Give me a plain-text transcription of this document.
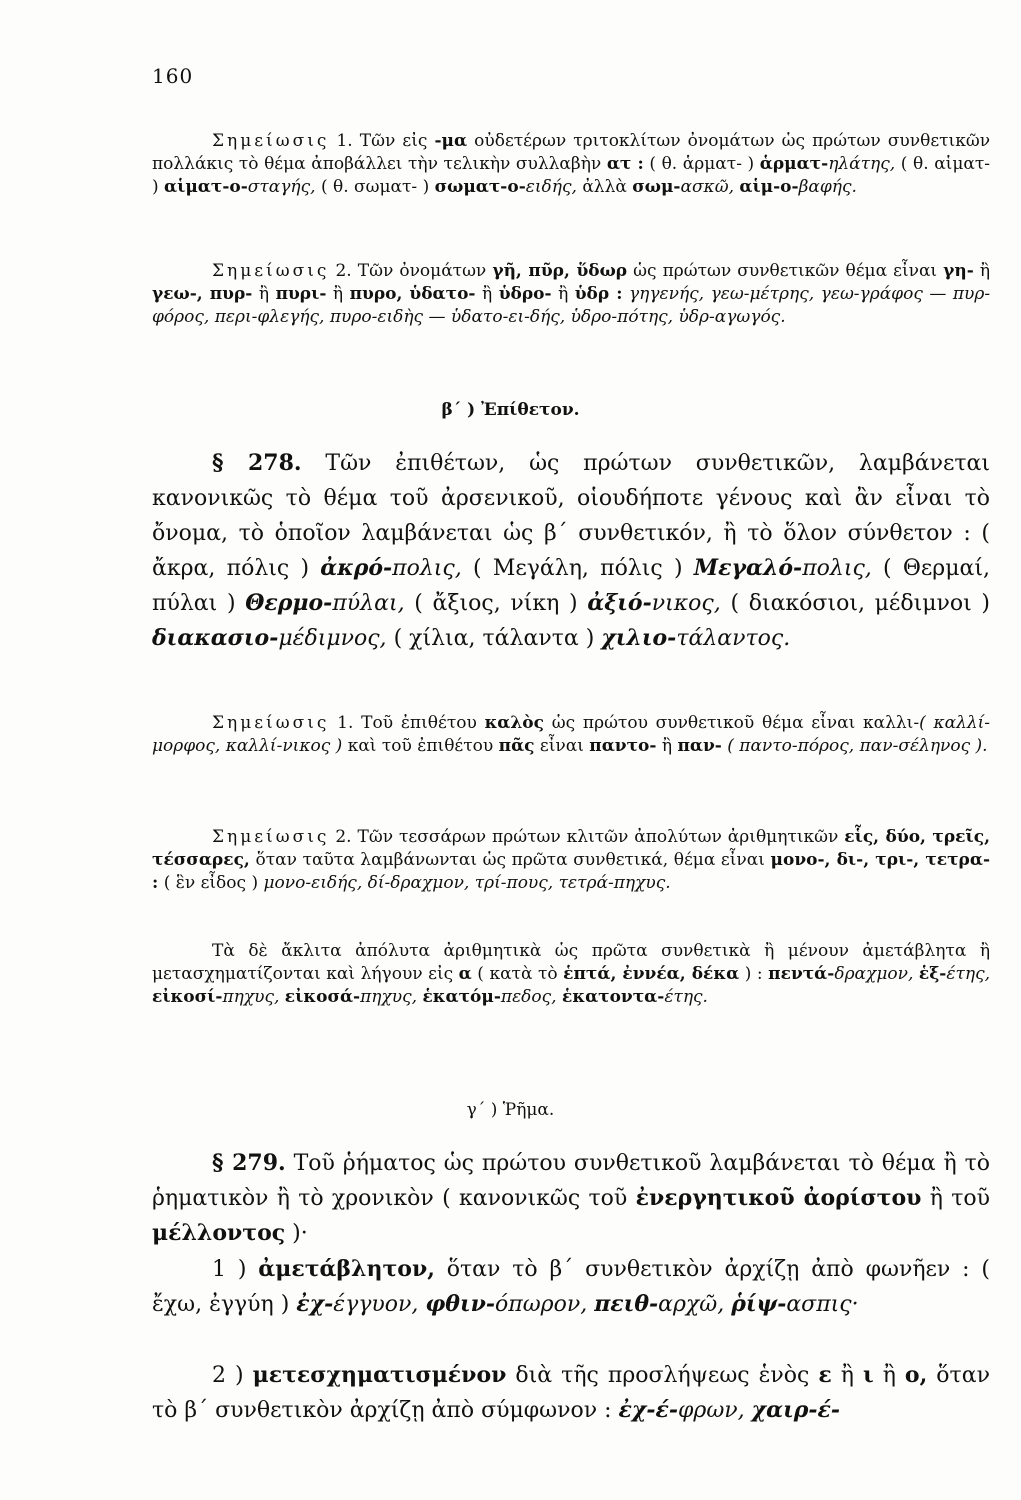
160

Σημείωσις 1. Τῶν εἰς -μα οὐδετέρων τριτοκλίτων ὀνομάτων ὡς πρώτων συνθετικῶν πολλάκις τὸ θέμα ἀποβάλλει τὴν τελικὴν συλλαβὴν ατ : ( θ. ἁρματ- ) ἁρματ-ηλάτης, ( θ. αἱματ- ) αἱματ-ο-σταγής, ( θ. σωματ- ) σωματ-ο-ειδής, ἀλλὰ σωμ-ασκῶ, αἱμ-ο-βαφής.

Σημείωσις 2. Τῶν ὀνομάτων γῆ, πῦρ, ὕδωρ ὡς πρώτων συνθετικῶν θέμα εἶναι γη- ἢ γεω-, πυρ- ἢ πυρι- ἢ πυρο, ὑδατο- ἢ ὑδρο- ἢ ὑδρ : γηγενής, γεω-μέτρης, γεω-γράφος — πυρ-φόρος, περι-φλεγής, πυρο-ειδὴς — ὑδατο-ει-δής, ὑδρο-πότης, ὑδρ-αγωγός.

β΄ ) Ἐπίθετον.

§ 278. Τῶν ἐπιθέτων, ὡς πρώτων συνθετικῶν, λαμβάνεται κανονικῶς τὸ θέμα τοῦ ἀρσενικοῦ, οἱουδήποτε γένους καὶ ἂν εἶναι τὸ ὄνομα, τὸ ὁποῖον λαμβάνεται ὡς β΄ συνθετικόν, ἢ τὸ ὅλον σύνθετον : ( ἄκρα, πόλις ) ἀκρό-πολις, ( Μεγάλη, πόλις ) Μεγαλό-πολις, ( Θερμαί, πύλαι ) Θερμο-πύλαι, ( ἄξιος, νίκη ) ἀξιό-νικος, ( διακόσιοι, μέδιμνοι ) διακασιο-μέδιμνος, ( χίλια, τάλαντα ) χιλιο-τάλαντος.

Σημείωσις 1. Τοῦ ἐπιθέτου καλὸς ὡς πρώτου συνθετικοῦ θέμα εἶναι καλλι-( καλλί-μορφος, καλλί-νικος ) καὶ τοῦ ἐπιθέτου πᾶς εἶναι παντο- ἢ παν- ( παντο-πόρος, παν-σέληνος ).

Σημείωσις 2. Τῶν τεσσάρων πρώτων κλιτῶν ἀπολύτων ἀριθμητικῶν εἷς, δύο, τρεῖς, τέσσαρες, ὅταν ταῦτα λαμβάνωνται ὡς πρῶτα συνθετικά, θέμα εἶναι μονο-, δι-, τρι-, τετρα- : ( ἓν εἶδος ) μονο-ειδής, δί-δραχμον, τρί-πους, τετρά-πηχυς.

Τὰ δὲ ἄκλιτα ἀπόλυτα ἀριθμητικὰ ὡς πρῶτα συνθετικὰ ἢ μένουν ἀμετάβλητα ἢ μετασχηματίζονται καὶ λήγουν εἰς α ( κατὰ τὸ ἑπτά, ἐννέα, δέκα ) : πεντά-δραχμον, ἑξ-έτης, εἰκοσί-πηχυς, εἰκοσά-πηχυς, ἑκατόμ-πεδος, ἑκατοντα-έτης.

γ΄ ) Ῥῆμα.

§ 279. Τοῦ ῥήματος ὡς πρώτου συνθετικοῦ λαμβάνεται τὸ θέμα ἢ τὸ ῥηματικὸν ἢ τὸ χρονικὸν ( κανονικῶς τοῦ ἐνεργητικοῦ ἀορίστου ἢ τοῦ μέλλοντος )·

1 ) ἀμετάβλητον, ὅταν τὸ β΄ συνθετικὸν ἀρχίζῃ ἀπὸ φωνῆεν : ( ἔχω, ἐγγύη ) ἐχ-έγγυον, φθιν-όπωρον, πειθ-αρχῶ, ῥίψ-ασπις·

2 ) μετεσχηματισμένον διὰ τῆς προσλήψεως ἑνὸς ε ἢ ι ἢ ο, ὅταν τὸ β΄ συνθετικὸν ἀρχίζῃ ἀπὸ σύμφωνον : ἐχ-έ-φρων, χαιρ-έ-
